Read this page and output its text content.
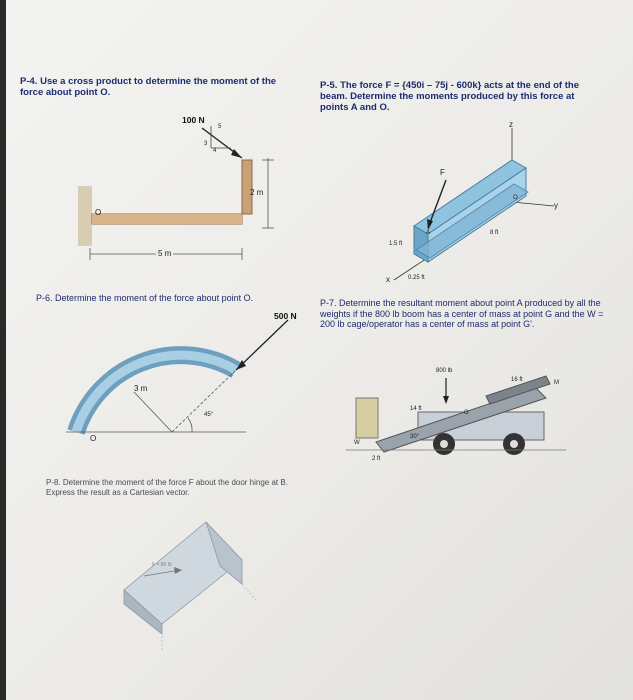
P-4. Use a cross product to determine the moment of the force about point O.
100 N
5
3
4
2 m
5 m
O
P-5. The force F = {450i – 75j - 600k} acts at the end of the beam. Determine the moments produced by this force at points A and O.
z
y
x
F
A
O
1.5 ft
8 ft
0.25 ft
P-6. Determine the moment of the force about point O.
500 N
3 m
45°
O
P-7. Determine the resultant moment about point A produced by all the weights if the 800 lb boom has a center of mass at point G and the W = 200 lb cage/operator has a center of mass at point G'.
800 lb
16 ft
14 ft
2 ft
30°
G
W
M
P-8. Determine the moment of the force F about the door hinge at B. Express the result as a Cartesian vector.
F = 80 lb
